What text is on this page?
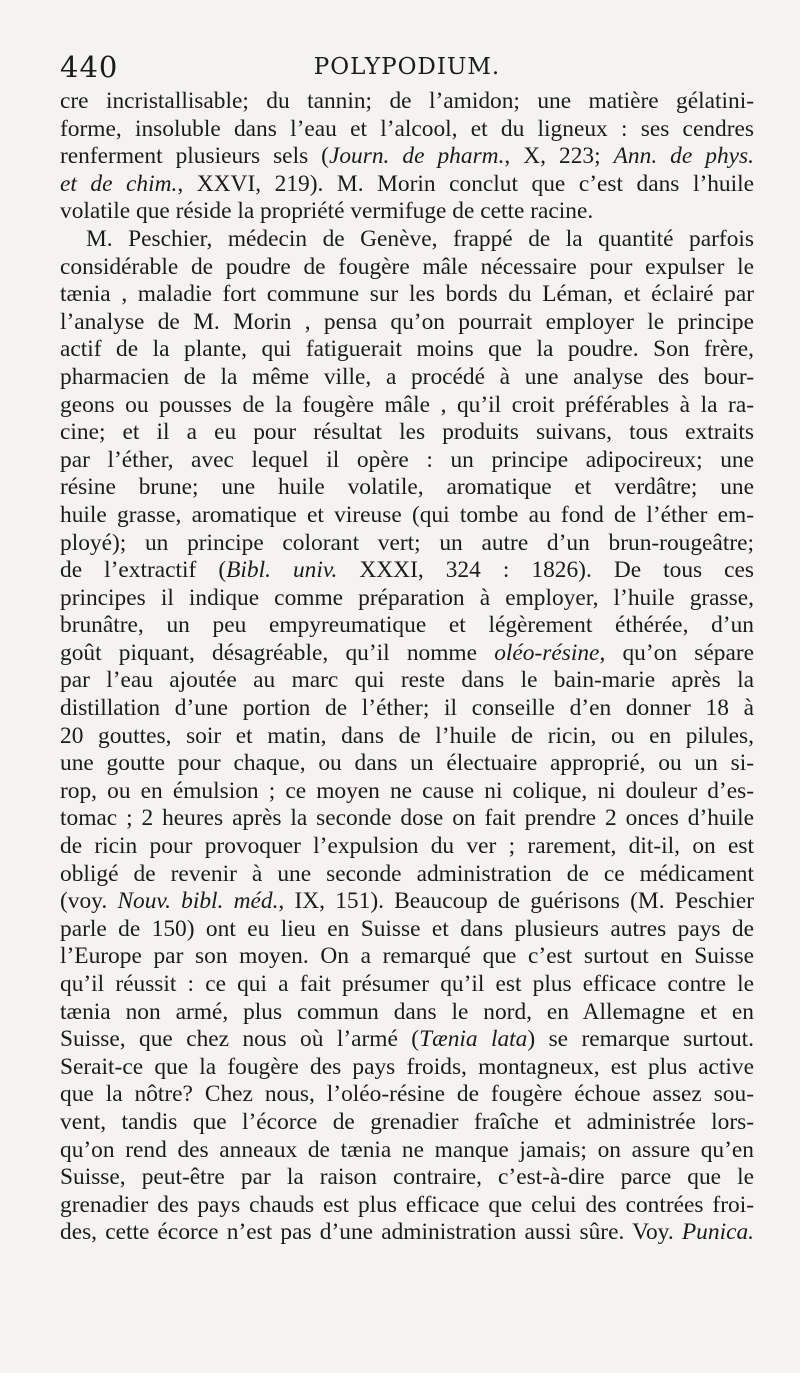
440	POLYPODIUM.
cre incristallisable; du tannin; de l’amidon; une matière gélatini-
forme, insoluble dans l’eau et l’alcool, et du ligneux : ses cendres
renferment plusieurs sels (Journ. de pharm., X, 223; Ann. de phys.
et de chim., XXVI, 219). M. Morin conclut que c’est dans l’huile
volatile que réside la propriété vermifuge de cette racine.
M. Peschier, médecin de Genève, frappé de la quantité parfois
considérable de poudre de fougère mâle nécessaire pour expulser le
tænia , maladie fort commune sur les bords du Léman, et éclairé par
l’analyse de M. Morin , pensa qu’on pourrait employer le principe
actif de la plante, qui fatiguerait moins que la poudre. Son frère,
pharmacien de la même ville, a procédé à une analyse des bour-
geons ou pousses de la fougère mâle , qu’il croit préférables à la ra-
cine; et il a eu pour résultat les produits suivans, tous extraits
par l’éther, avec lequel il opère : un principe adipocireux; une
résine brune; une huile volatile, aromatique et verdâtre; une
huile grasse, aromatique et vireuse (qui tombe au fond de l’éther em-
ployé); un principe colorant vert; un autre d’un brun-rougeâtre;
de l’extractif (Bibl. univ. XXXI, 324 : 1826). De tous ces
principes il indique comme préparation à employer, l’huile grasse,
brunâtre, un peu empyreumatique et légèrement éthérée, d’un
goût piquant, désagréable, qu’il nomme oléo-résine, qu’on sépare
par l’eau ajoutée au marc qui reste dans le bain-marie après la
distillation d’une portion de l’éther; il conseille d’en donner 18 à
20 gouttes, soir et matin, dans de l’huile de ricin, ou en pilules,
une goutte pour chaque, ou dans un électuaire approprié, ou un si-
rop, ou en émulsion ; ce moyen ne cause ni colique, ni douleur d’es-
tomac ; 2 heures après la seconde dose on fait prendre 2 onces d’huile
de ricin pour provoquer l’expulsion du ver ; rarement, dit-il, on est
obligé de revenir à une seconde administration de ce médicament
(voy. Nouv. bibl. méd., IX, 151). Beaucoup de guérisons (M. Peschier
parle de 150) ont eu lieu en Suisse et dans plusieurs autres pays de
l’Europe par son moyen. On a remarqué que c’est surtout en Suisse
qu’il réussit : ce qui a fait présumer qu’il est plus efficace contre le
tænia non armé, plus commun dans le nord, en Allemagne et en
Suisse, que chez nous où l’armé (Tænia lata) se remarque surtout.
Serait-ce que la fougère des pays froids, montagneux, est plus active
que la nôtre? Chez nous, l’oléo-résine de fougère échoue assez sou-
vent, tandis que l’écorce de grenadier fraîche et administrée lors-
qu’on rend des anneaux de tænia ne manque jamais; on assure qu’en
Suisse, peut-être par la raison contraire, c’est-à-dire parce que le
grenadier des pays chauds est plus efficace que celui des contrées froi-
des, cette écorce n’est pas d’une administration aussi sûre. Voy. Punica.
